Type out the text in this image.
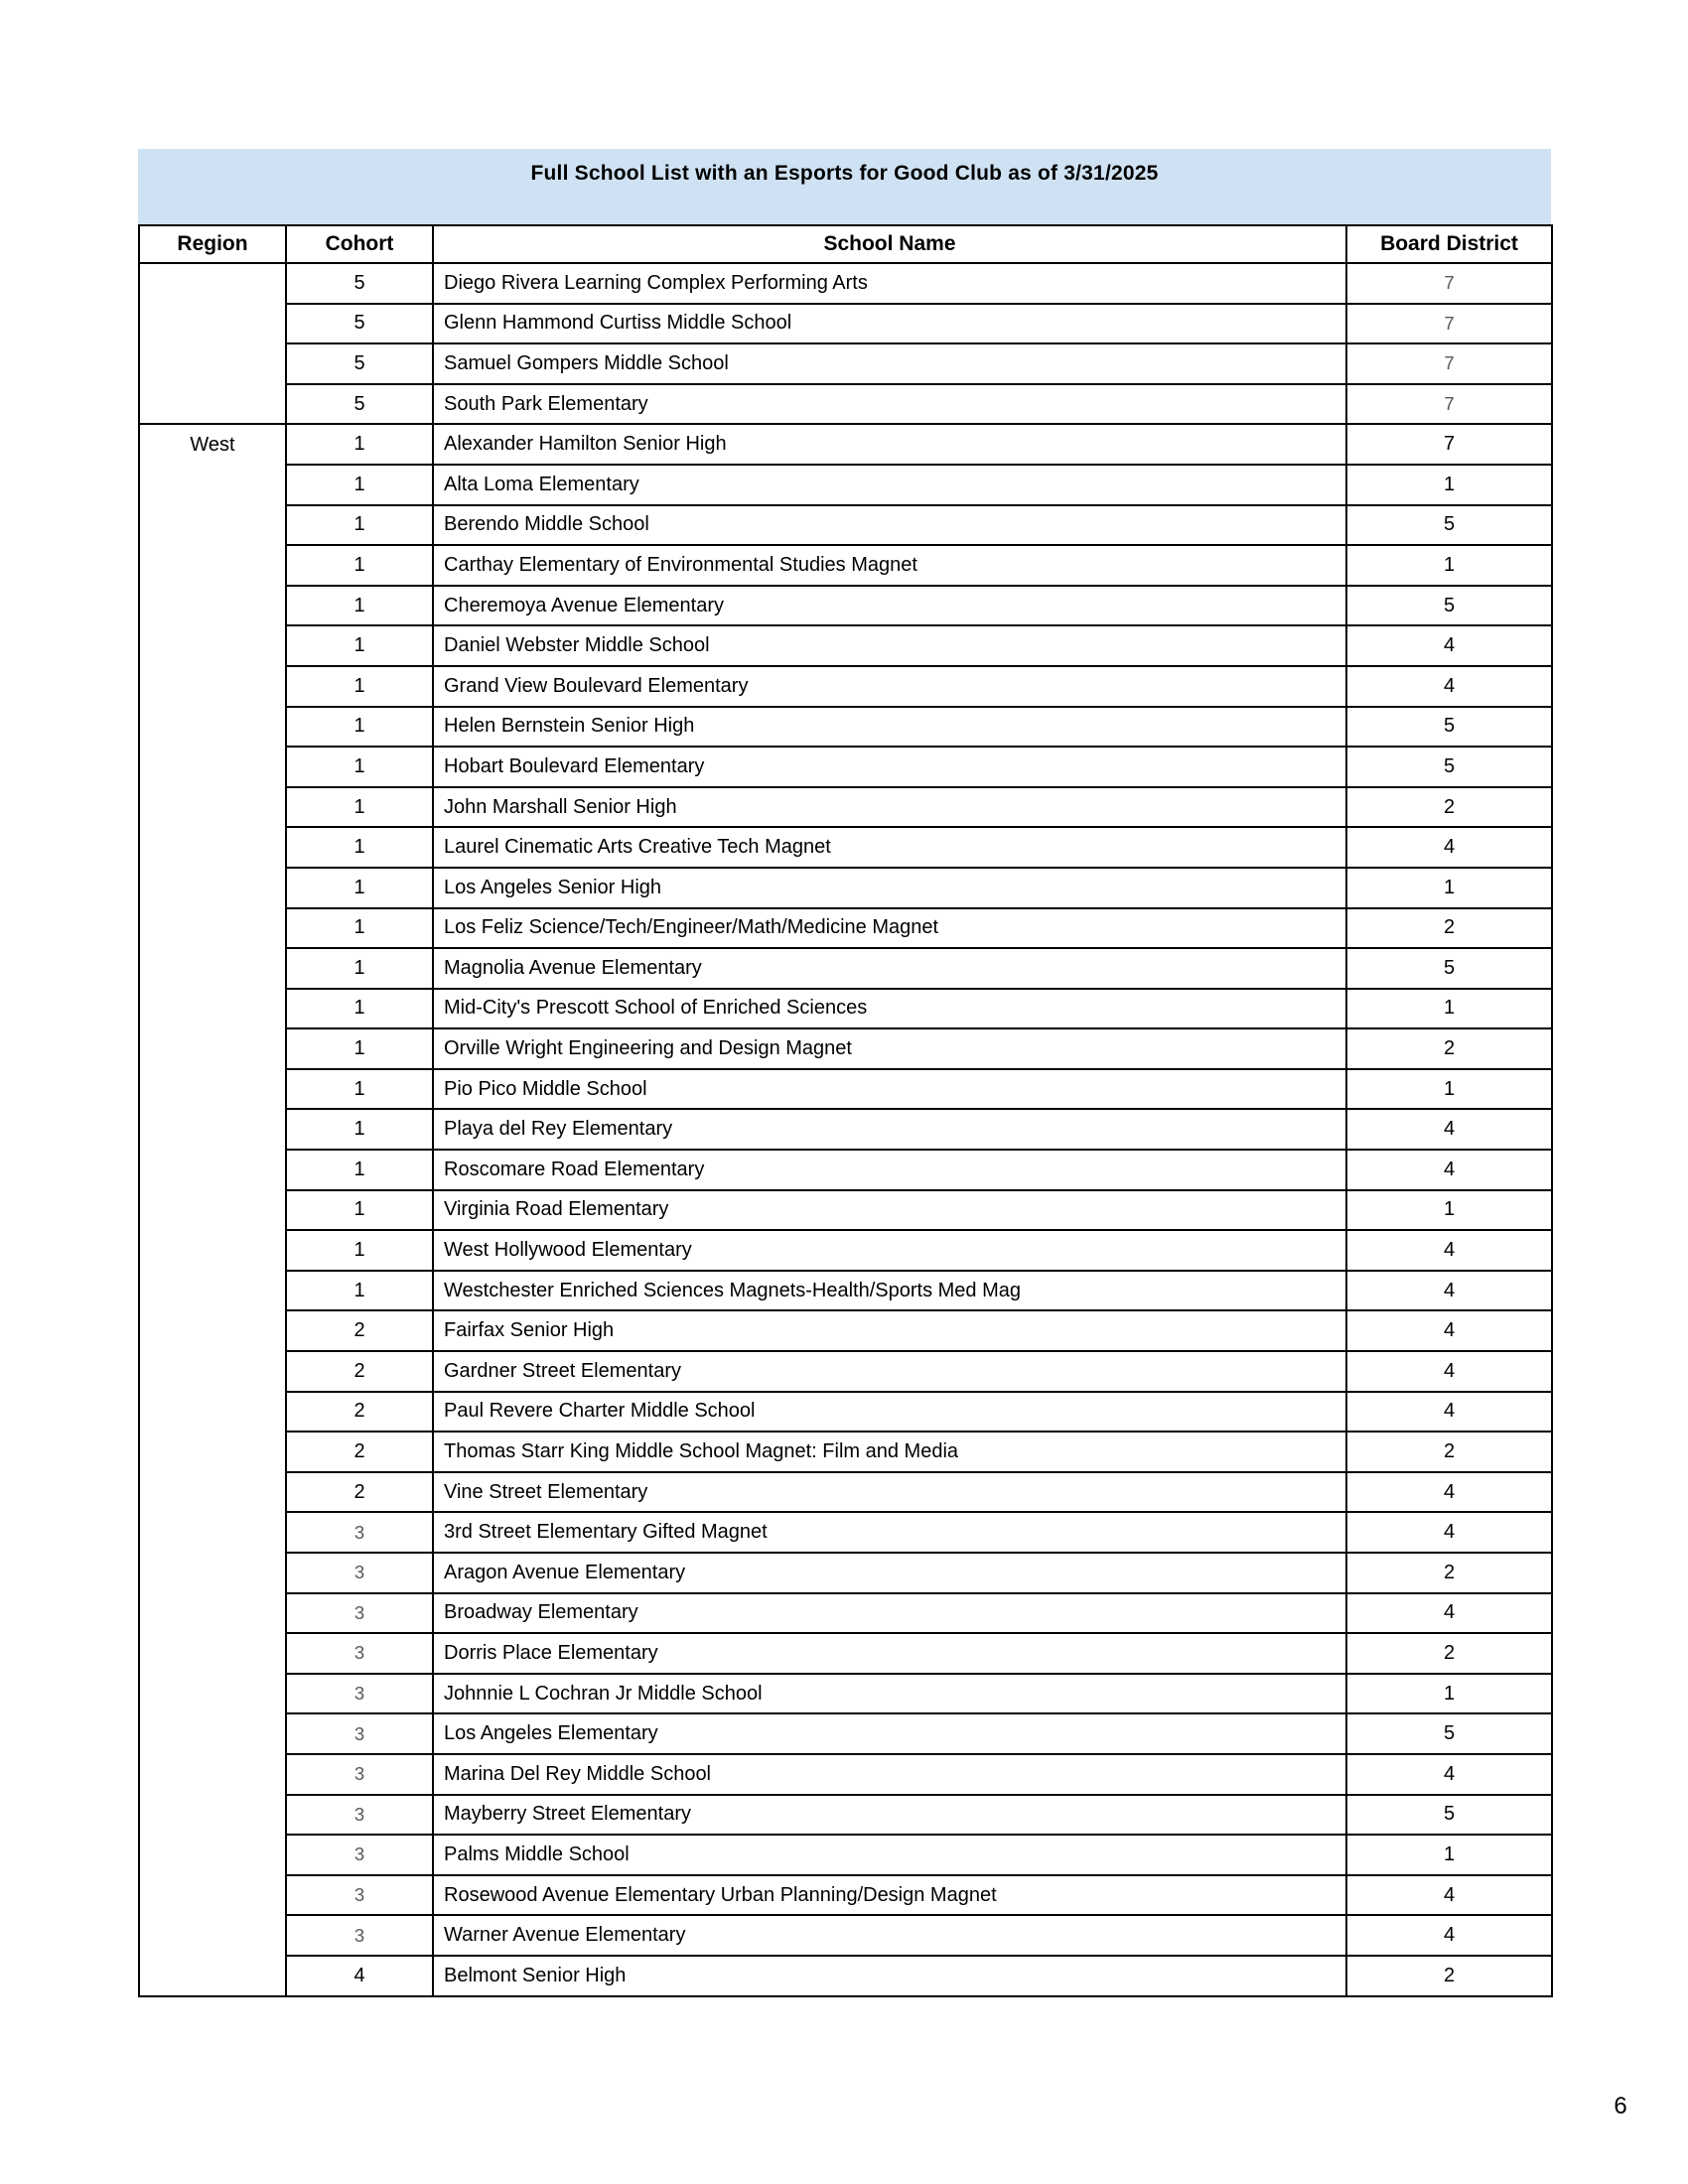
Full School List with an Esports for Good Club as of 3/31/2025
Region	Cohort	School Name	Board District
	5	Diego Rivera Learning Complex Performing Arts	7
	5	Glenn Hammond Curtiss Middle School	7
	5	Samuel Gompers Middle School	7
	5	South Park Elementary	7
West	1	Alexander Hamilton Senior High	7
	1	Alta Loma Elementary	1
	1	Berendo Middle School	5
	1	Carthay Elementary of Environmental Studies Magnet	1
	1	Cheremoya Avenue Elementary	5
	1	Daniel Webster Middle School	4
	1	Grand View Boulevard Elementary	4
	1	Helen Bernstein Senior High	5
	1	Hobart Boulevard Elementary	5
	1	John Marshall Senior High	2
	1	Laurel Cinematic Arts Creative Tech Magnet	4
	1	Los Angeles Senior High	1
	1	Los Feliz Science/Tech/Engineer/Math/Medicine Magnet	2
	1	Magnolia Avenue Elementary	5
	1	Mid-City's Prescott School of Enriched Sciences	1
	1	Orville Wright Engineering and Design Magnet	2
	1	Pio Pico Middle School	1
	1	Playa del Rey Elementary	4
	1	Roscomare Road Elementary	4
	1	Virginia Road Elementary	1
	1	West Hollywood Elementary	4
	1	Westchester Enriched Sciences Magnets-Health/Sports Med Mag	4
	2	Fairfax Senior High	4
	2	Gardner Street Elementary	4
	2	Paul Revere Charter Middle School	4
	2	Thomas Starr King Middle School Magnet: Film and Media	2
	2	Vine Street Elementary	4
	3	3rd Street Elementary Gifted Magnet	4
	3	Aragon Avenue Elementary	2
	3	Broadway Elementary	4
	3	Dorris Place Elementary	2
	3	Johnnie L Cochran Jr Middle School	1
	3	Los Angeles Elementary	5
	3	Marina Del Rey Middle School	4
	3	Mayberry Street Elementary	5
	3	Palms Middle School	1
	3	Rosewood Avenue Elementary Urban Planning/Design Magnet	4
	3	Warner Avenue Elementary	4
	4	Belmont Senior High	2
6
